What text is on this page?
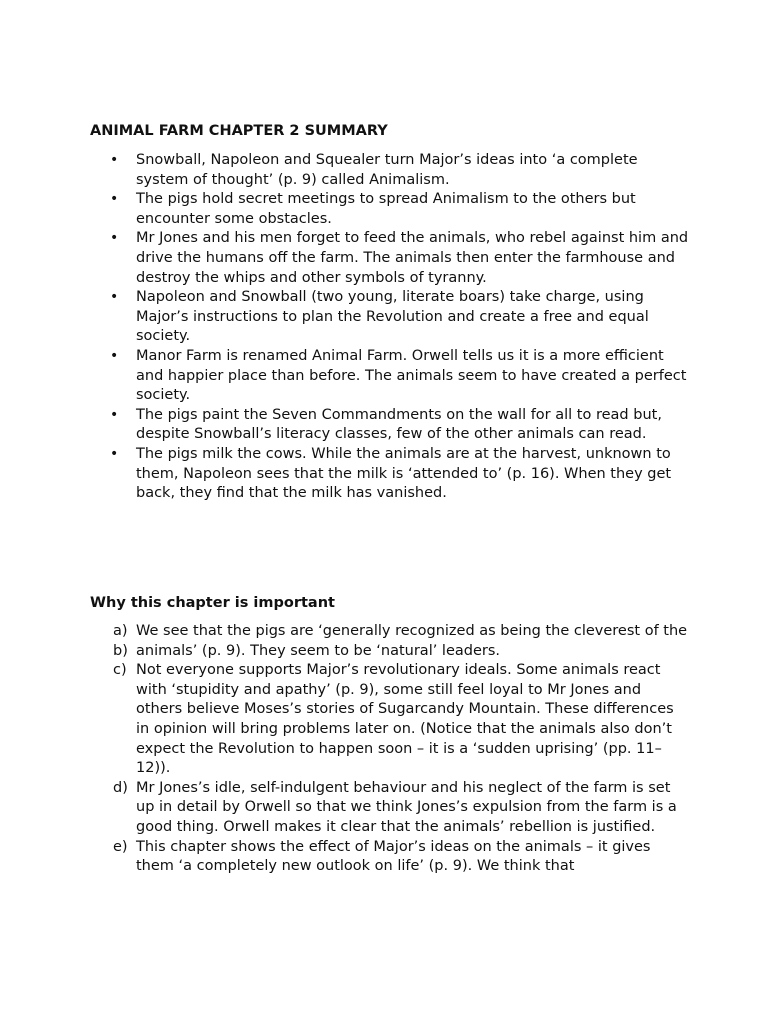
ANIMAL FARM CHAPTER 2 SUMMARY
•	Snowball, Napoleon and Squealer turn Major’s ideas into ‘a complete system of thought’ (p. 9) called Animalism.
•	The pigs hold secret meetings to spread Animalism to the others but encounter some obstacles.
•	Mr Jones and his men forget to feed the animals, who rebel against him and drive the humans off the farm. The animals then enter the farmhouse and destroy the whips and other symbols of tyranny.
•	Napoleon and Snowball (two young, literate boars) take charge, using Major’s instructions to plan the Revolution and create a free and equal society.
•	Manor Farm is renamed Animal Farm. Orwell tells us it is a more efficient and happier place than before. The animals seem to have created a perfect society.
•	The pigs paint the Seven Commandments on the wall for all to read but, despite Snowball’s literacy classes, few of the other animals can read.
•	The pigs milk the cows. While the animals are at the harvest, unknown to them, Napoleon sees that the milk is ‘attended to’ (p. 16). When they get back, they find that the milk has vanished.
Why this chapter is important
a) We see that the pigs are ‘generally recognized as being the cleverest of the animals’ (p. 9). They seem to be ‘natural’ leaders.
b)
c) Not everyone supports Major’s revolutionary ideals. Some animals react with ‘stupidity and apathy’ (p. 9), some still feel loyal to Mr Jones and others believe Moses’s stories of Sugarcandy Mountain. These differences in opinion will bring problems later on. (Notice that the animals also don’t expect the Revolution to happen soon – it is a ‘sudden uprising’ (pp. 11–12)).
d) Mr Jones’s idle, self-indulgent behaviour and his neglect of the farm is set up in detail by Orwell so that we think Jones’s expulsion from the farm is a good thing. Orwell makes it clear that the animals’ rebellion is justified.
e) This chapter shows the effect of Major’s ideas on the animals – it gives them ‘a completely new outlook on life’ (p. 9). We think that
